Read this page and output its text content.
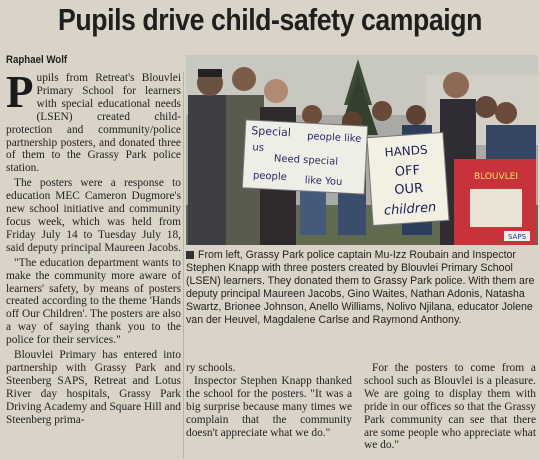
Pupils drive child-safety campaign
Raphael Wolf

Pupils from Retreat's Blouvlei Primary School for learners with special educational needs (LSEN) created child-protection and community/police partnership posters, and donated three of them to the Grassy Park police station.

The posters were a response to education MEC Cameron Dugmore's new school initiative and community focus week, which was held from Friday July 14 to Tuesday July 18, said deputy principal Maureen Jacobs.

"The education department wants to make the community more aware of learners' safety, by means of posters created according to the theme 'Hands off Our Children'. The posters are also a way of saying thank you to the police for their services."

Blouvlei Primary has entered into partnership with Grassy Park and Steenberg SAPS, Retreat and Lotus River day hospitals, Grassy Park Driving Academy and Square Hill and Steenberg prima-

Special people like
us
Need special
people like You
HANDS
OFF
OUR
children
BLOUVLEI
SAPS
From left, Grassy Park police captain Mu-Izz Roubain and Inspector Stephen Knapp with three posters created by Blouvlei Primary School (LSEN) learners. They donated them to Grassy Park police. With them are deputy principal Maureen Jacobs, Gino Waites, Nathan Adonis, Natasha Swartz, Brionee Johnson, Anello Williams, Nolivo Njilana, educator Jolene van der Heuvel, Magdalene Carlse and Raymond Anthony.

ry schools.

Inspector Stephen Knapp thanked the school for the posters. "It was a big surprise because many times we complain that the community doesn't appreciate what we do."

For the posters to come from a school such as Blouvlei is a pleasure. We are going to display them with pride in our offices so that the Grassy Park community can see that there are some people who appreciate what we do."
